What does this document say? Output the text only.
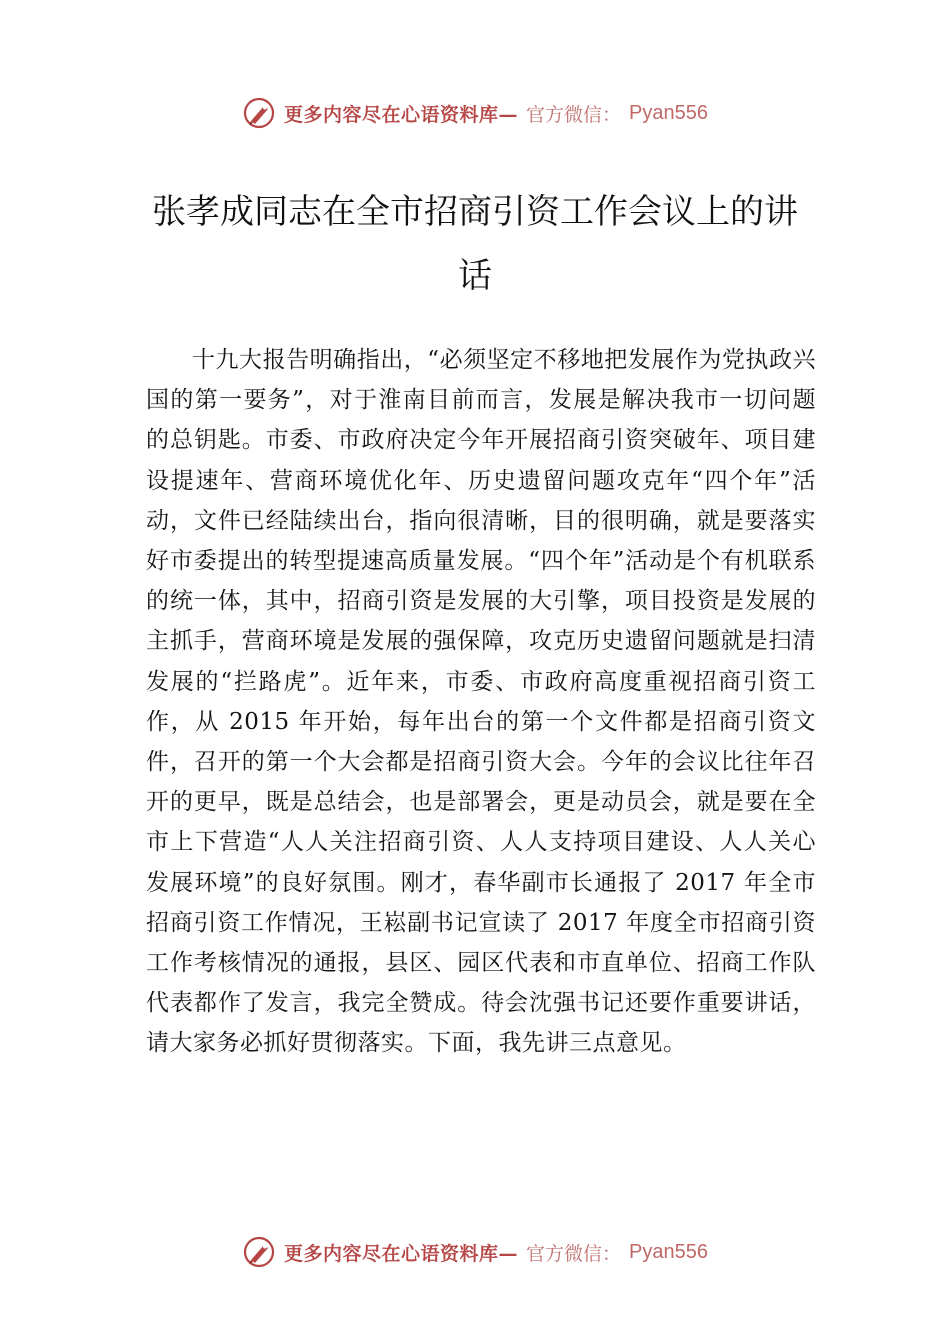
更多内容尽在心语资料库— 官方微信： Pyan556
张孝成同志在全市招商引资工作会议上的讲话

十九大报告明确指出，“必须坚定不移地把发展作为党执政兴国的第一要务”，对于淮南目前而言，发展是解决我市一切问题的总钥匙。市委、市政府决定今年开展招商引资突破年、项目建设提速年、营商环境优化年、历史遗留问题攻克年“四个年”活动，文件已经陆续出台，指向很清晰，目的很明确，就是要落实好市委提出的转型提速高质量发展。“四个年”活动是个有机联系的统一体，其中，招商引资是发展的大引擎，项目投资是发展的主抓手，营商环境是发展的强保障，攻克历史遗留问题就是扫清发展的“拦路虎”。近年来，市委、市政府高度重视招商引资工作，从 2015 年开始，每年出台的第一个文件都是招商引资文件，召开的第一个大会都是招商引资大会。今年的会议比往年召开的更早，既是总结会，也是部署会，更是动员会，就是要在全市上下营造“人人关注招商引资、人人支持项目建设、人人关心发展环境”的良好氛围。刚才，春华副市长通报了 2017 年全市招商引资工作情况，王崧副书记宣读了 2017 年度全市招商引资工作考核情况的通报，县区、园区代表和市直单位、招商工作队代表都作了发言，我完全赞成。待会沈强书记还要作重要讲话，请大家务必抓好贯彻落实。下面，我先讲三点意见。

更多内容尽在心语资料库— 官方微信： Pyan556
